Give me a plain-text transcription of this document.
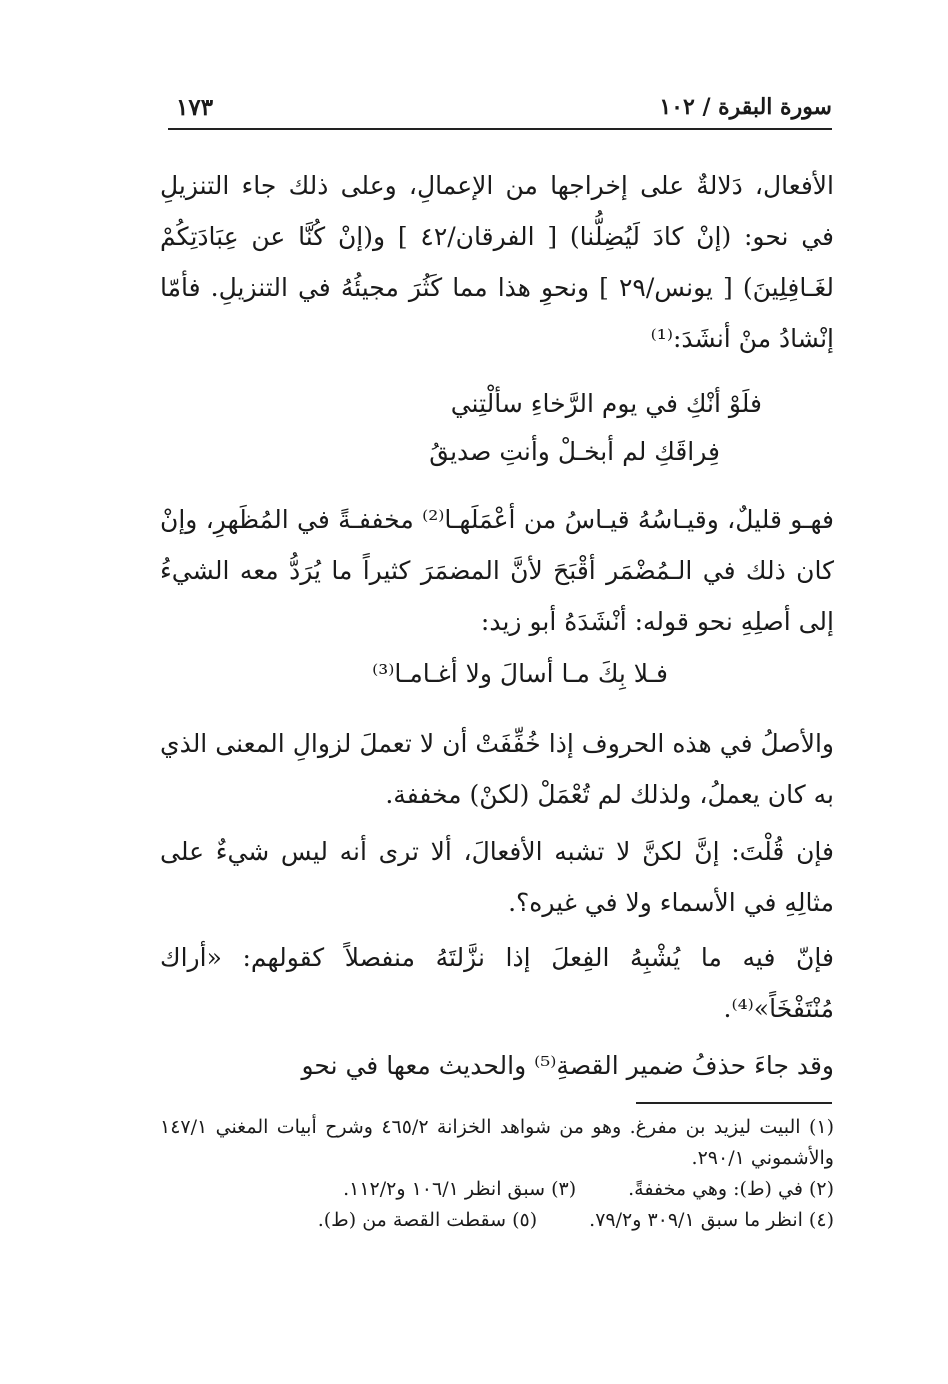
سورة البقرة / ١٠٢
١٧٣

الأفعال، دَلالةٌ على إخراجها من الإعمالِ، وعلى ذلك جاء التنزيلِ في نحو: (إنْ كادَ لَيُضِلُّنا) [ الفرقان/٤٢ ] و(إنْ كُنَّا عن عِبَادَتِكُمْ لغَـافِلِينَ) [ يونس/٢٩ ] ونحوِ هذا مما كَثُرَ مجيئُهُ في التنزيلِ. فأمّا إنْشادُ منْ أنشَدَ:⁽¹⁾

فلَوْ أنْكِ في يوم الرَّخاءِ سألْتِني
فِراقَكِ لم أبخـلْ وأنتِ صديقُ

فهـو قليلٌ، وقيـاسُهُ قيـاسُ من أعْمَلَهـا⁽²⁾ مخففـةً في المُظَهرِ، وإنْ كان ذلك في الـمُضْمَر أقْبَحَ لأنَّ المضمَرَ كثيراً ما يُرَدُّ معه الشيءُ إلى أصلِهِ نحو قوله: أنْشَدَهُ أبو زيد:

فـلا بِكَ مـا أسالَ ولا أغـامـا⁽³⁾

والأصلُ في هذه الحروف إذا خُفِّفَتْ أن لا تعملَ لزوالِ المعنى الذي به كان يعملُ، ولذلك لم تُعْمَلْ (لكنْ) مخففة.

فإن قُلْتَ: إنَّ لكنَّ لا تشبه الأفعالَ، ألا ترى أنه ليس شيءٌ على مثالِهِ في الأسماء ولا في غيره؟.

فإنّ فيه ما يُشْبِهُ الفِعلَ إذا نزَّلتَهُ منفصلاً كقولهم: «أراك مُنْتَفْخَاً»⁽⁴⁾.

وقد جاءَ حذفُ ضمير القصةِ⁽⁵⁾ والحديث معها في نحو

(١) البيت ليزيد بن مفرغ. وهو من شواهد الخزانة ٤٦٥/٢ وشرح أبيات المغني ١٤٧/١ والأشموني ٢٩٠/١.

(٢) في (ط): وهي مخففةً.
(٣) سبق انظر ١٠٦/١ و١١٢/٢.
(٤) انظر ما سبق ٣٠٩/١ و٧٩/٢.
(٥) سقطت القصة من (ط).
